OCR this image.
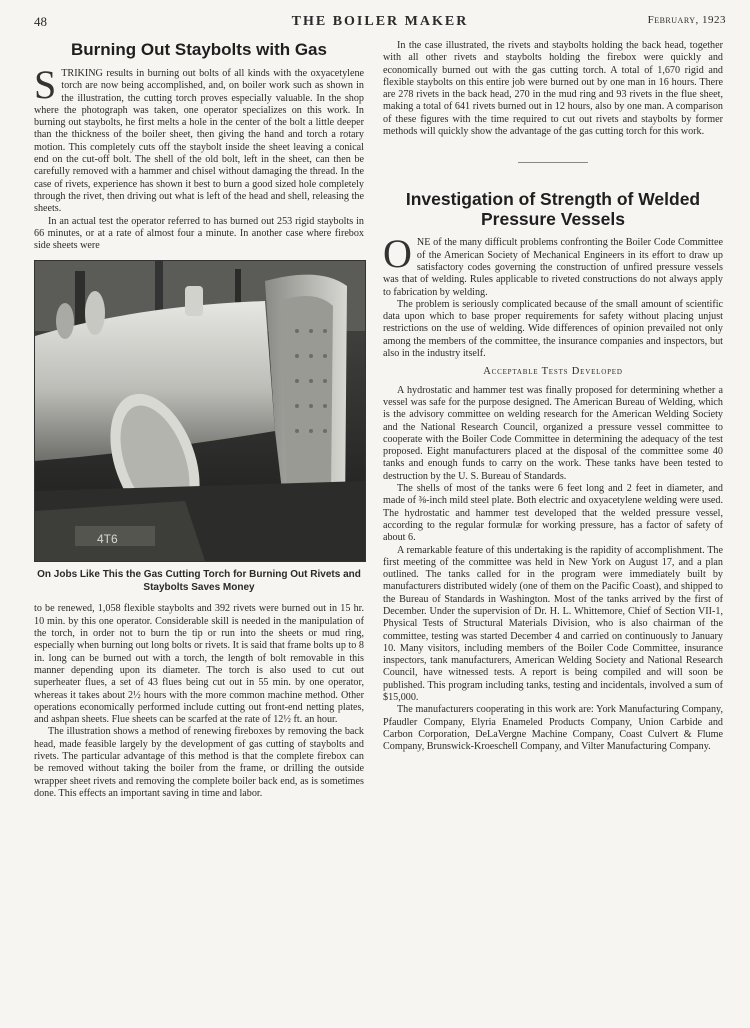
48	THE BOILER MAKER	February, 1923
Burning Out Staybolts with Gas

STRIKING results in burning out bolts of all kinds with the oxyacetylene torch are now being accomplished, and, on boiler work such as shown in the illustration, the cutting torch proves especially valuable. In the shop where the photograph was taken, one operator specializes on this work. In burning out staybolts, he first melts a hole in the center of the bolt a little deeper than the thickness of the boiler sheet, then giving the hand and torch a rotary motion. This completely cuts off the staybolt inside the sheet leaving a conical end on the cut-off bolt. The shell of the old bolt, left in the sheet, can then be carefully removed with a hammer and chisel without damaging the thread. In the case of rivets, experience has shown it best to burn a good sized hole completely through the rivet, then driving out what is left of the head and shell, releasing the sheets.

In an actual test the operator referred to has burned out 253 rigid staybolts in 66 minutes, or at a rate of almost four a minute. In another case where firebox side sheets were

4T6
On Jobs Like This the Gas Cutting Torch for Burning Out Rivets and Staybolts Saves Money

to be renewed, 1,058 flexible staybolts and 392 rivets were burned out in 15 hr. 10 min. by this one operator. Considerable skill is needed in the manipulation of the torch, in order not to burn the tip or run into the sheets or mud ring, especially when burning out long bolts or rivets. It is said that frame bolts up to 8 in. long can be burned out with a torch, the length of bolt removable in this manner depending upon its diameter. The torch is also used to cut out superheater flues, a set of 43 flues being cut out in 55 min. by one operator, whereas it takes about 2½ hours with the more common machine method. Other operations economically performed include cutting out front-end netting plates, and ashpan sheets. Flue sheets can be scarfed at the rate of 12½ ft. an hour.

The illustration shows a method of renewing fireboxes by removing the back head, made feasible largely by the development of gas cutting of staybolts and rivets. The particular advantage of this method is that the complete firebox can be removed without taking the boiler from the frame, or drilling the outside wrapper sheet rivets and removing the complete boiler back end, as is sometimes done. This effects an important saving in time and labor.

In the case illustrated, the rivets and staybolts holding the back head, together with all other rivets and staybolts holding the firebox were quickly and economically burned out with the gas cutting torch. A total of 1,670 rigid and flexible staybolts on this entire job were burned out by one man in 16 hours. There are 278 rivets in the back head, 270 in the mud ring and 93 rivets in the flue sheet, making a total of 641 rivets burned out in 12 hours, also by one man. A comparison of these figures with the time required to cut out rivets and staybolts by former methods will quickly show the advantage of the gas cutting torch for this work.

Investigation of Strength of Welded Pressure Vessels

ONE of the many difficult problems confronting the Boiler Code Committee of the American Society of Mechanical Engineers in its effort to draw up satisfactory codes governing the construction of unfired pressure vessels was that of welding. Rules applicable to riveted constructions do not always apply to fabrication by welding.

The problem is seriously complicated because of the small amount of scientific data upon which to base proper requirements for safety without placing unjust restrictions on the use of welding. Wide differences of opinion prevailed not only among the members of the committee, the insurance companies and inspectors, but also in the industry itself.

Acceptable Tests Developed

A hydrostatic and hammer test was finally proposed for determining whether a vessel was safe for the purpose designed. The American Bureau of Welding, which is the advisory committee on welding research for the American Welding Society and the National Research Council, organized a pressure vessel committee to cooperate with the Boiler Code Committee in determining the adequacy of the test proposed. Eight manufacturers placed at the disposal of the committee some 40 tanks and enough funds to carry on the work. These tanks have been tested to destruction by the U. S. Bureau of Standards.

The shells of most of the tanks were 6 feet long and 2 feet in diameter, and made of ⅜-inch mild steel plate. Both electric and oxyacetylene welding were used. The hydrostatic and hammer test developed that the welded pressure vessel, according to the regular formulæ for working pressure, has a factor of safety of about 6.

A remarkable feature of this undertaking is the rapidity of accomplishment. The first meeting of the committee was held in New York on August 17, and a plan outlined. The tanks called for in the program were immediately built by manufacturers distributed widely (one of them on the Pacific Coast), and shipped to the Bureau of Standards in Washington. Most of the tanks arrived by the first of December. Under the supervision of Dr. H. L. Whittemore, Chief of Section VII-1, Physical Tests of Structural Materials Division, who is also chairman of the committee, testing was started December 4 and carried on continuously to January 10. Many visitors, including members of the Boiler Code Committee, insurance inspectors, tank manufacturers, American Welding Society and National Research Council, have witnessed tests. A report is being compiled and will soon be published. This program including tanks, testing and incidentals, involved a sum of $15,000.

The manufacturers cooperating in this work are: York Manufacturing Company, Pfaudler Company, Elyria Enameled Products Company, Union Carbide and Carbon Corporation, DeLaVergne Machine Company, Coast Culvert & Flume Company, Brunswick-Kroeschell Company, and Vilter Manufacturing Company.
